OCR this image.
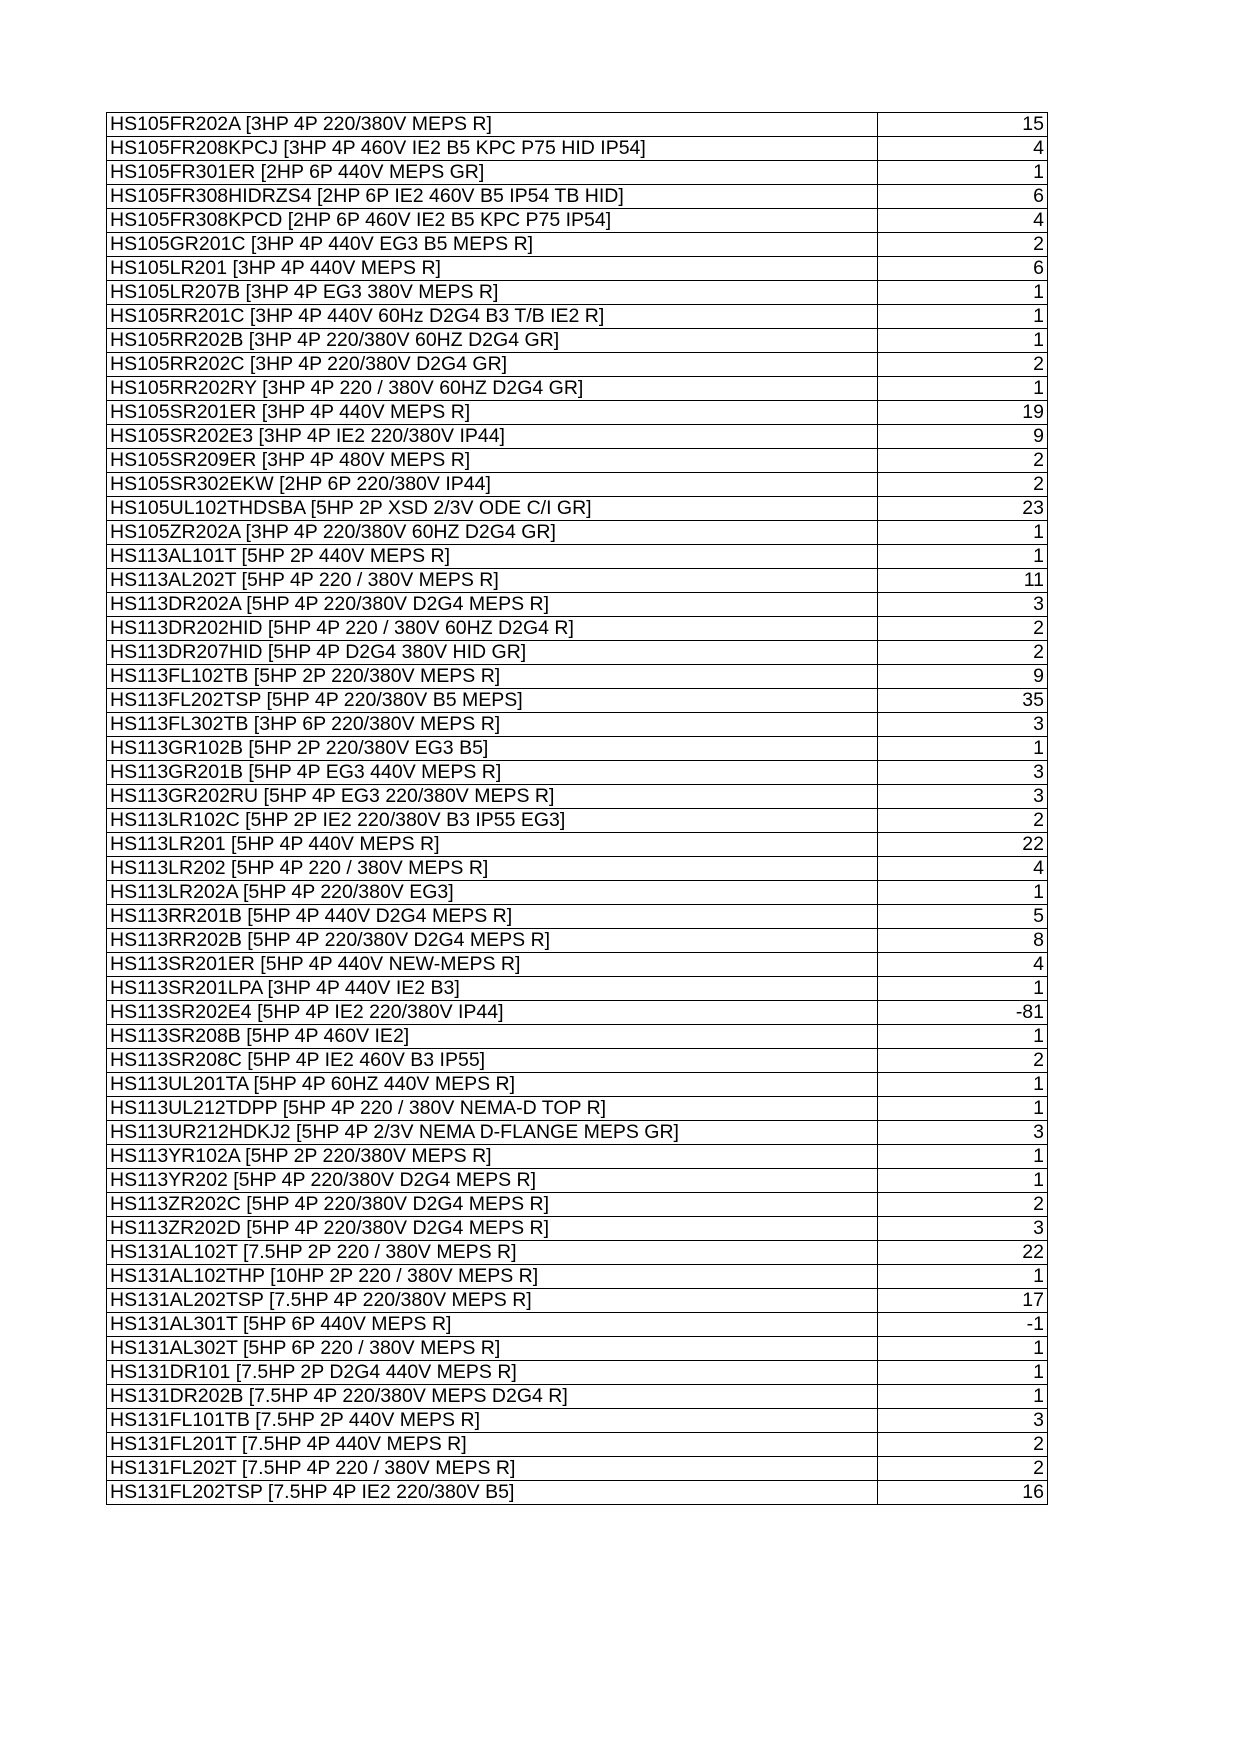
HS105FR202A [3HP 4P 220/380V MEPS R]	15
HS105FR208KPCJ [3HP 4P 460V IE2 B5 KPC P75 HID IP54]	4
HS105FR301ER [2HP 6P 440V MEPS GR]	1
HS105FR308HIDRZS4 [2HP 6P IE2 460V B5 IP54 TB HID]	6
HS105FR308KPCD [2HP 6P 460V IE2 B5 KPC P75 IP54]	4
HS105GR201C [3HP 4P 440V EG3 B5 MEPS R]	2
HS105LR201 [3HP 4P 440V MEPS R]	6
HS105LR207B [3HP 4P EG3 380V MEPS R]	1
HS105RR201C [3HP 4P 440V 60Hz D2G4 B3 T/B IE2 R]	1
HS105RR202B [3HP 4P 220/380V 60HZ D2G4 GR]	1
HS105RR202C [3HP 4P 220/380V D2G4 GR]	2
HS105RR202RY [3HP 4P 220 / 380V 60HZ D2G4 GR]	1
HS105SR201ER [3HP 4P 440V MEPS R]	19
HS105SR202E3 [3HP 4P IE2 220/380V IP44]	9
HS105SR209ER [3HP 4P 480V MEPS R]	2
HS105SR302EKW [2HP 6P 220/380V IP44]	2
HS105UL102THDSBA [5HP 2P XSD 2/3V ODE C/I GR]	23
HS105ZR202A [3HP 4P 220/380V 60HZ D2G4 GR]	1
HS113AL101T [5HP 2P 440V MEPS R]	1
HS113AL202T [5HP 4P 220 / 380V MEPS R]	11
HS113DR202A [5HP 4P 220/380V D2G4 MEPS R]	3
HS113DR202HID [5HP 4P 220 / 380V 60HZ D2G4 R]	2
HS113DR207HID [5HP 4P D2G4 380V HID GR]	2
HS113FL102TB [5HP 2P 220/380V MEPS R]	9
HS113FL202TSP [5HP 4P 220/380V B5 MEPS]	35
HS113FL302TB [3HP 6P 220/380V MEPS R]	3
HS113GR102B [5HP 2P 220/380V EG3 B5]	1
HS113GR201B [5HP 4P EG3 440V MEPS R]	3
HS113GR202RU [5HP 4P EG3 220/380V MEPS R]	3
HS113LR102C [5HP 2P IE2 220/380V B3 IP55 EG3]	2
HS113LR201 [5HP 4P 440V MEPS R]	22
HS113LR202 [5HP 4P 220 / 380V MEPS R]	4
HS113LR202A [5HP 4P 220/380V EG3]	1
HS113RR201B [5HP 4P 440V D2G4 MEPS R]	5
HS113RR202B [5HP 4P 220/380V D2G4 MEPS R]	8
HS113SR201ER [5HP 4P 440V NEW-MEPS R]	4
HS113SR201LPA [3HP 4P 440V IE2 B3]	1
HS113SR202E4 [5HP 4P IE2 220/380V IP44]	-81
HS113SR208B [5HP 4P 460V IE2]	1
HS113SR208C [5HP 4P IE2 460V B3 IP55]	2
HS113UL201TA [5HP 4P 60HZ 440V MEPS R]	1
HS113UL212TDPP [5HP 4P 220 / 380V NEMA-D TOP R]	1
HS113UR212HDKJ2 [5HP 4P 2/3V NEMA D-FLANGE MEPS GR]	3
HS113YR102A [5HP 2P 220/380V MEPS R]	1
HS113YR202 [5HP 4P 220/380V D2G4 MEPS R]	1
HS113ZR202C [5HP 4P 220/380V D2G4 MEPS R]	2
HS113ZR202D [5HP 4P 220/380V D2G4 MEPS R]	3
HS131AL102T [7.5HP 2P 220 / 380V MEPS R]	22
HS131AL102THP [10HP 2P 220 / 380V MEPS R]	1
HS131AL202TSP [7.5HP 4P 220/380V MEPS R]	17
HS131AL301T [5HP 6P 440V MEPS R]	-1
HS131AL302T [5HP 6P 220 / 380V MEPS R]	1
HS131DR101 [7.5HP 2P D2G4 440V MEPS R]	1
HS131DR202B [7.5HP 4P 220/380V MEPS D2G4 R]	1
HS131FL101TB [7.5HP 2P 440V MEPS R]	3
HS131FL201T [7.5HP 4P 440V MEPS R]	2
HS131FL202T [7.5HP 4P 220 / 380V MEPS R]	2
HS131FL202TSP [7.5HP 4P IE2 220/380V B5]	16
